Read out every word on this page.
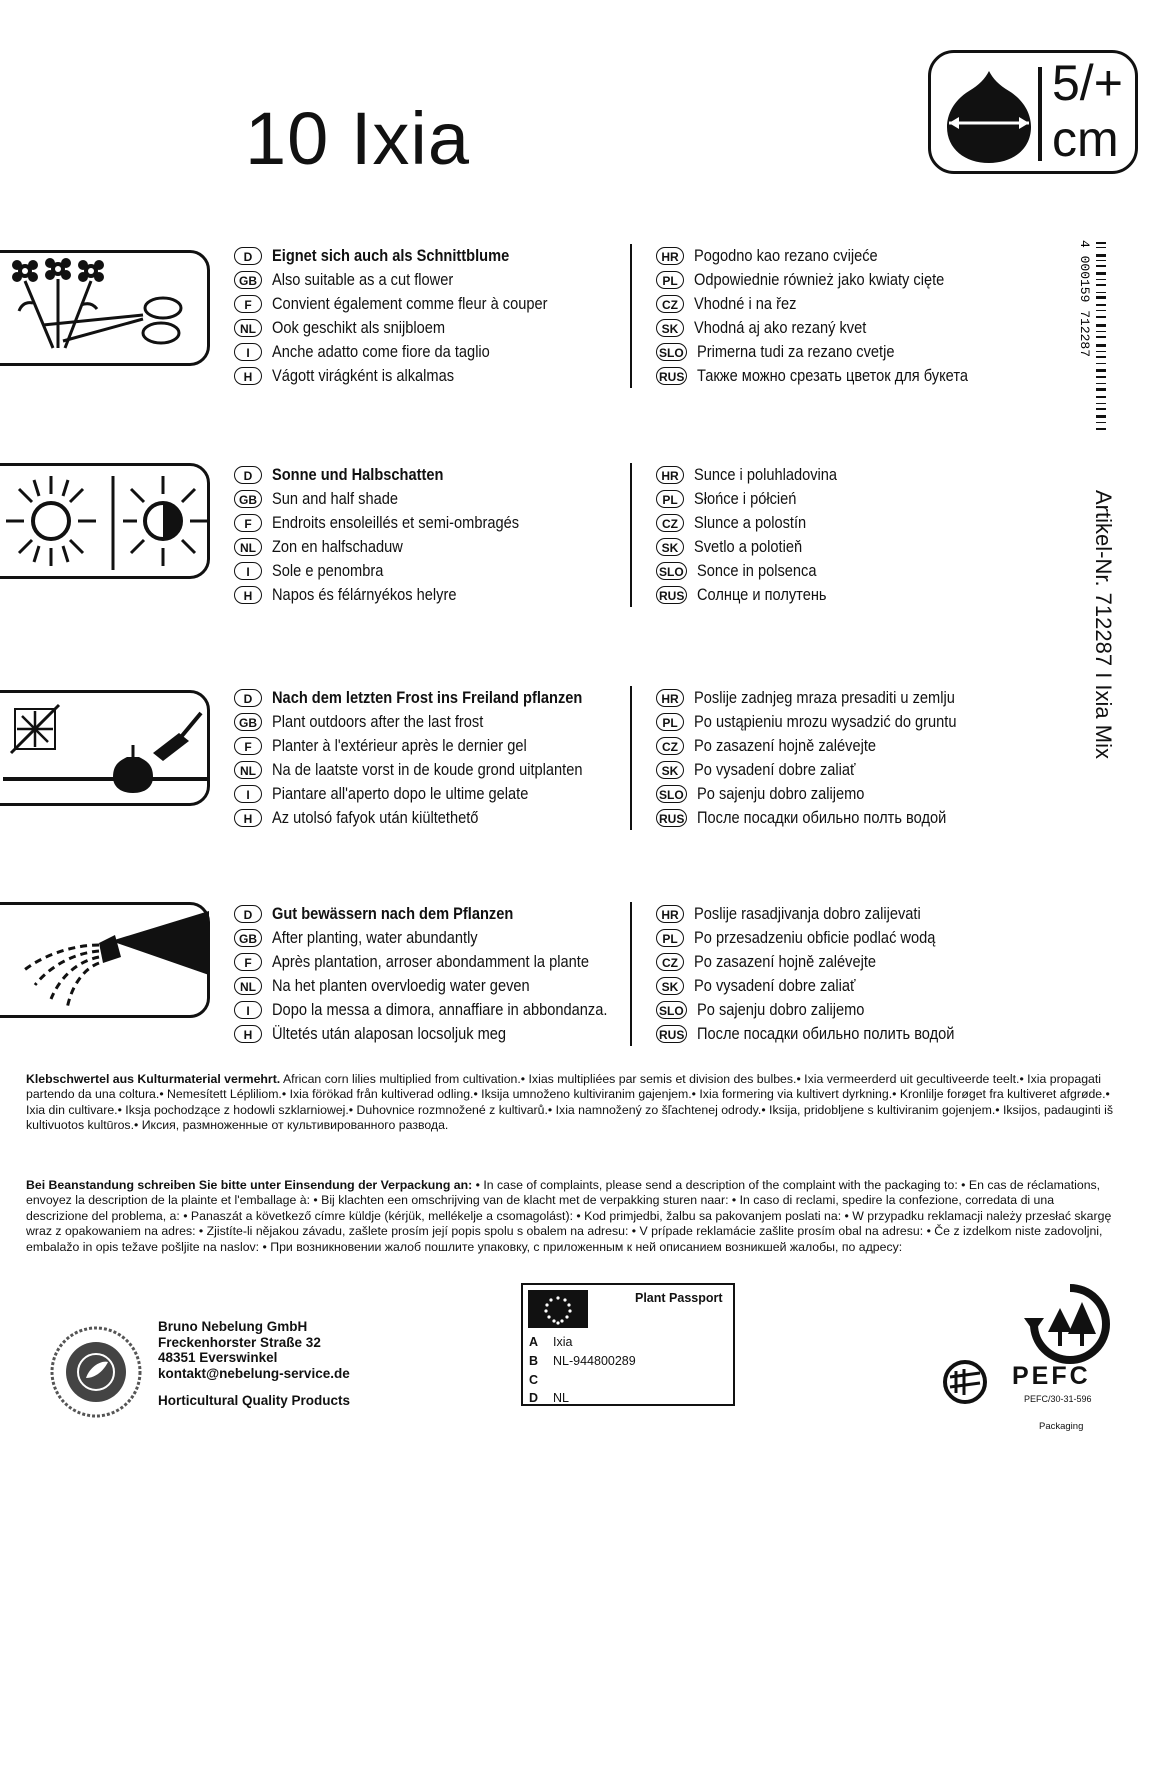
10 Ixia
5/+
cm
4 000159 712287
Artikel-Nr. 712287 I Ixia Mix
D	Eignet sich auch als Schnittblume
GB Also suitable as a cut flower
F	Convient également comme fleur à couper
NL Ook geschikt als snijbloem
I	Anche adatto come fiore da taglio
H	Vágott virágként is alkalmas
HR Pogodno kao rezano cvijeće
PL Odpowiednie również jako kwiaty cięte
CZ Vhodné i na řez
SK Vhodná aj ako rezaný kvet
SLO Primerna tudi za rezano cvetje
RUS Также можно срезать цветок для букета
D	Sonne und Halbschatten
GB Sun and half shade
F	Endroits ensoleillés et semi-ombragés
NL Zon en halfschaduw
I	Sole e penombra
H	Napos és félárnyékos helyre
HR Sunce i poluhladovina
PL Słońce i półcień
CZ Slunce a polostín
SK Svetlo a polotieň
SLO Sonce in polsenca
RUS Солнце и полутень
D	Nach dem letzten Frost ins Freiland pflanzen
GB Plant outdoors after the last frost
F	Planter à l'extérieur après le dernier gel
NL Na de laatste vorst in de koude grond uitplanten
I	Piantare all'aperto dopo le ultime gelate
H	Az utolsó fafyok után kiültethető
HR Poslije zadnjeg mraza presaditi u zemlju
PL Po ustąpieniu mrozu wysadzić do gruntu
CZ Po zasazení hojně zalévejte
SK Po vysadení dobre zaliať
SLO Po sajenju dobro zalijemo
RUS После посадки обильно полть водой
D	Gut bewässern nach dem Pflanzen
GB After planting, water abundantly
F	Après plantation, arroser abondamment la plante
NL Na het planten overvloedig water geven
I	Dopo la messa a dimora, annaffiare in abbondanza.
H	Ültetés után alaposan locsoljuk meg
HR Poslije rasadjivanja dobro zalijevati
PL Po przesadzeniu obficie podlać wodą
CZ Po zasazení hojně zalévejte
SK Po vysadení dobre zaliať
SLO Po sajenju dobro zalijemo
RUS После посадки обильно полить водой
Klebschwertel aus Kulturmaterial vermehrt. African corn lilies multiplied from cultivation.• Ixias multipliées par semis et division des bulbes.• Ixia vermeerderd uit gecultiveerde teelt.• Ixia propagati partendo da una coltura.• Nemesített Lépliliom.• Ixia förökad från kultiverad odling.• Iksija umnoženo kultiviranim gajenjem.• Ixia formering via kultivert dyrkning.• Kronlilje forøget fra kultiveret afgrøde.• Ixia din cultivare.• Iksja pochodzące z hodowli szklarniowej.• Duhovnice rozmnožené z kultivarů.• Ixia namnožený zo šľachtenej odrody.• Iksija, pridobljene s kultiviranim gojenjem.• Iksijos, padauginti iš kultivuotos kultūros.• Иксия, размноженные от культивированного развода.
Bei Beanstandung schreiben Sie bitte unter Einsendung der Verpackung an: • In case of complaints, please send a description of the complaint with the packaging to: • En cas de réclamations, envoyez la description de la plainte et l'emballage à: • Bij klachten een omschrijving van de klacht met de verpakking sturen naar: • In caso di reclami, spedire la confezione, corredata di una descrizione del problema, a: • Panaszát a következő címre küldje (kérjük, mellékelje a csomagolást): • Kod primjedbi, žalbu sa pakovanjem poslati na: • W przypadku reklamacji należy przesłać skargę wraz z opakowaniem na adres: • Zjistíte-li nějakou závadu, zašlete prosím její popis spolu s obalem na adresu: • V prípade reklamácie zašlite prosím obal na adresu: • Če z izdelkom niste zadovoljni, embalažo in opis težave pošljite na naslov: • При возникновении жалоб пошлите упаковку, с приложенным к ней описанием возникшей жалобы, по адресу:
Bruno Nebelung GmbH
Freckenhorster Straße 32
48351 Everswinkel
kontakt@nebelung-service.de
Horticultural Quality Products
Plant Passport
A Ixia
B NL-944800289
C
D NL
PEFC
PEFC/30-31-596
Packaging
